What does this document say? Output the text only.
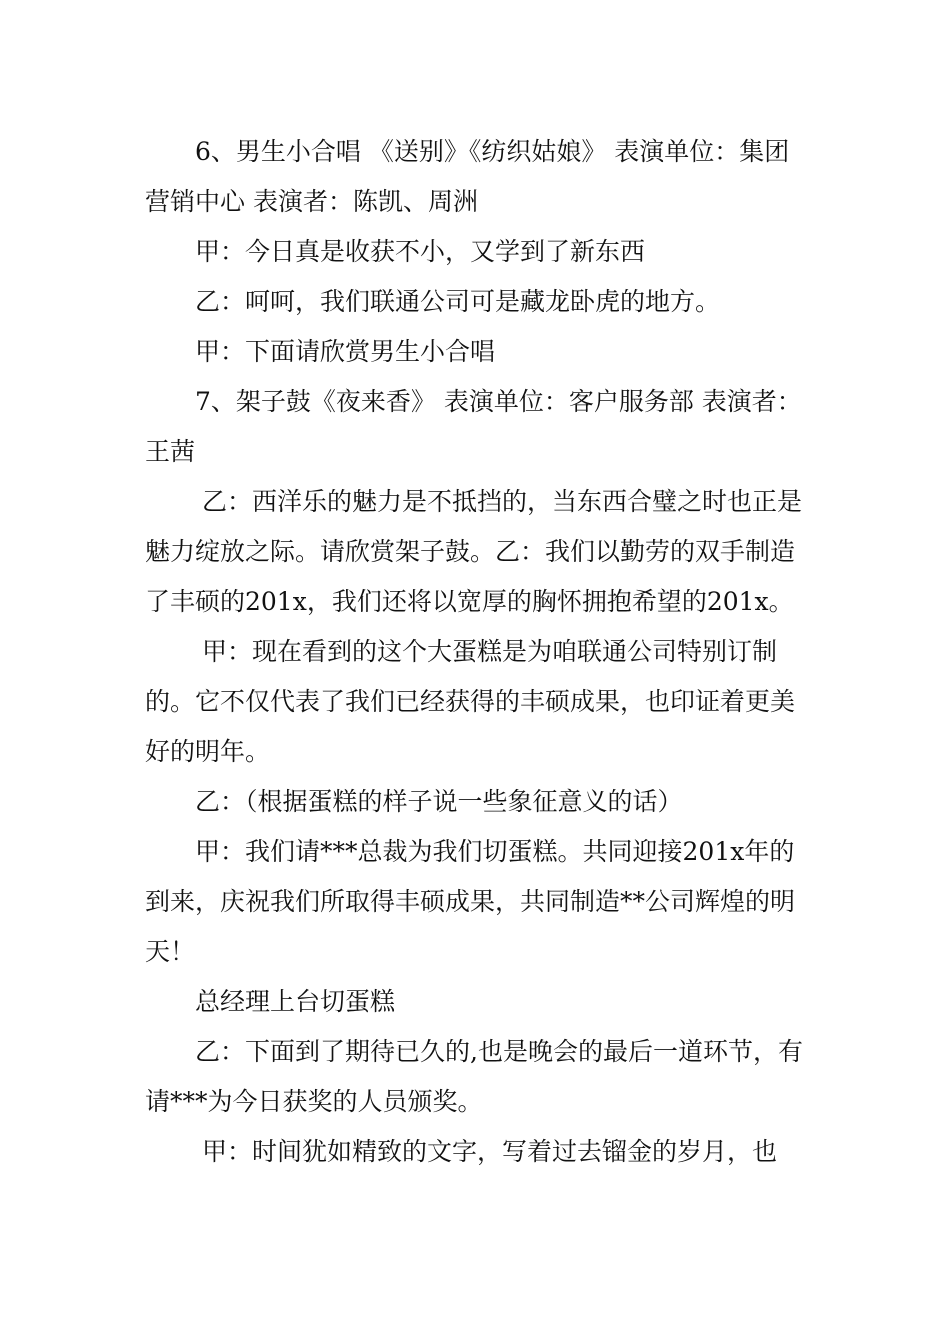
6、男生小合唱 《送别》《纺织姑娘》 表演单位：集团营销中心 表演者：陈凯、周洲

甲：今日真是收获不小，又学到了新东西

乙：呵呵，我们联通公司可是藏龙卧虎的地方。

甲：下面请欣赏男生小合唱

7、架子鼓《夜来香》 表演单位：客户服务部 表演者：王茜

乙：西洋乐的魅力是不抵挡的，当东西合璧之时也正是魅力绽放之际。请欣赏架子鼓。乙：我们以勤劳的双手制造了丰硕的201x，我们还将以宽厚的胸怀拥抱希望的201x。

甲：现在看到的这个大蛋糕是为咱联通公司特别订制的。它不仅代表了我们已经获得的丰硕成果，也印证着更美好的明年。

乙：（根据蛋糕的样子说一些象征意义的话）

甲：我们请***总裁为我们切蛋糕。共同迎接201x年的到来，庆祝我们所取得丰硕成果，共同制造**公司辉煌的明天！

总经理上台切蛋糕

乙：下面到了期待已久的,也是晚会的最后一道环节，有请***为今日获奖的人员颁奖。

甲：时间犹如精致的文字，写着过去镏金的岁月，也
